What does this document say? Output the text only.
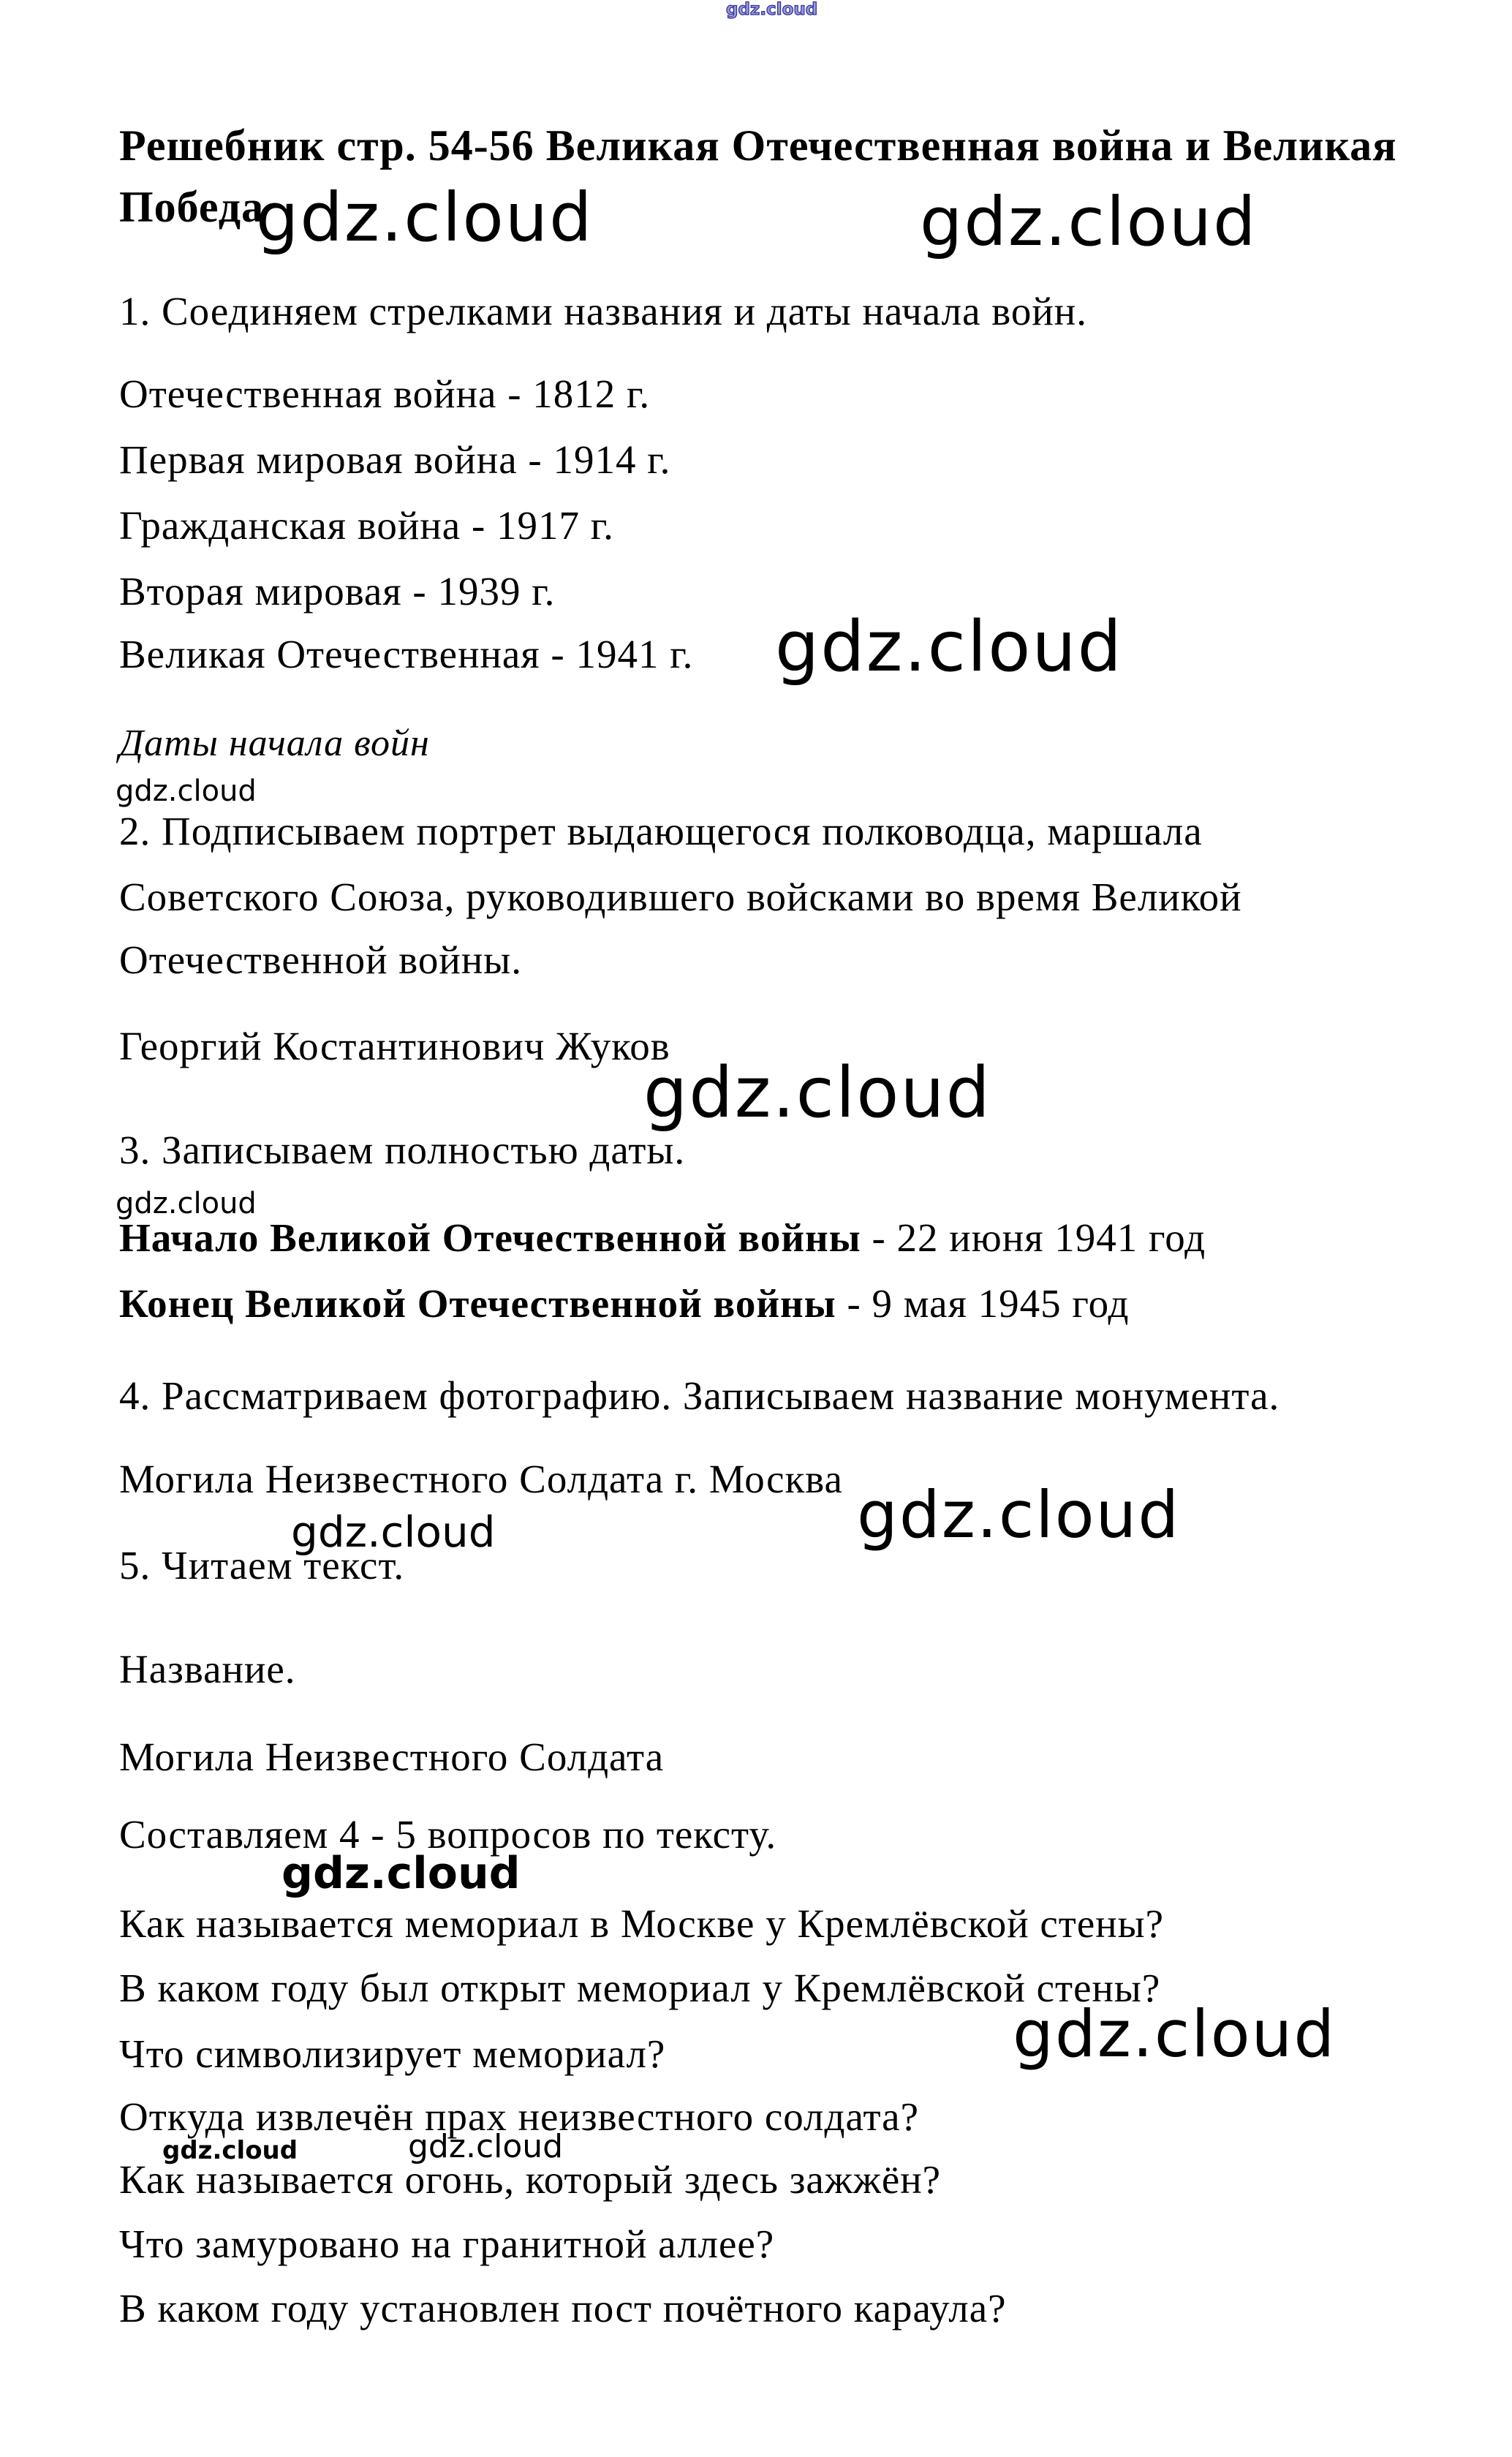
gdz.cloud
gdz.cloud	gdz.cloud
gdz.cloud
gdz.cloud
gdz.cloud
gdz.cloud
gdz.cloud	gdz.cloud
gdz.cloud
gdz.cloud
gdz.cloud	gdz.cloud
Решебник стр. 54-56 Великая Отечественная война и Великая
Победа
1. Соединяем стрелками названия и даты начала войн.
Отечественная война - 1812 г.
Первая мировая война - 1914 г.
Гражданская война - 1917 г.
Вторая мировая - 1939 г.
Великая Отечественная - 1941 г.
Даты начала войн
2. Подписываем портрет выдающегося полководца, маршала
Советского Союза, руководившего войсками во время Великой
Отечественной войны.
Георгий Костантинович Жуков
3. Записываем полностью даты.
Начало Великой Отечественной войны - 22 июня 1941 год
Конец Великой Отечественной войны - 9 мая 1945 год
4. Рассматриваем фотографию. Записываем название монумента.
Могила Неизвестного Солдата г. Москва
5. Читаем текст.
Название.
Могила Неизвестного Солдата
Составляем 4 - 5 вопросов по тексту.
Как называется мемориал в Москве у Кремлёвской стены?
В каком году был открыт мемориал у Кремлёвской стены?
Что символизирует мемориал?
Откуда извлечён прах неизвестного солдата?
Как называется огонь, который здесь зажжён?
Что замуровано на гранитной аллее?
В каком году установлен пост почётного караула?
